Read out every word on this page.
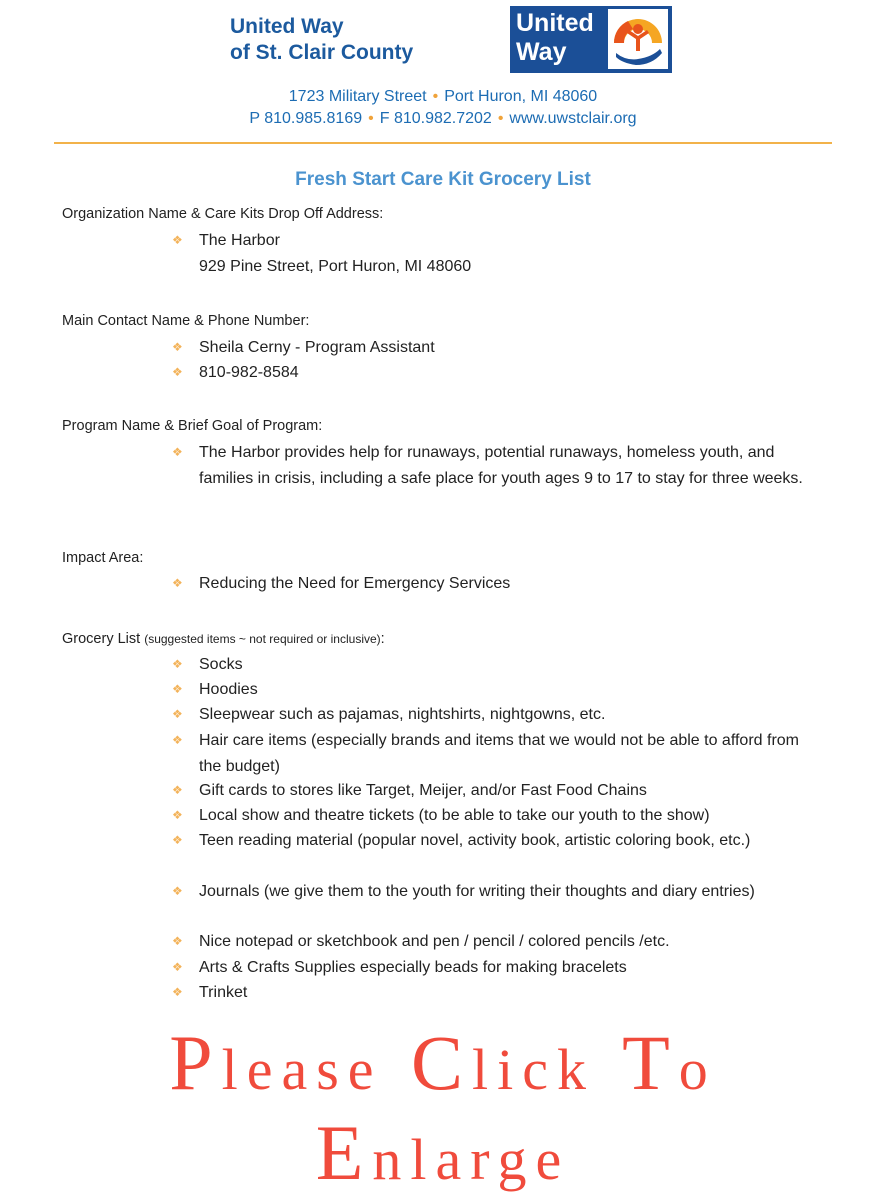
United Way
of St. Clair County
United
Way
1723 Military Street • Port Huron, MI 48060
P 810.985.8169 • F 810.982.7202 • www.uwstclair.org
Fresh Start Care Kit Grocery List
Organization Name & Care Kits Drop Off Address:
❖ The Harbor
929 Pine Street, Port Huron, MI 48060
Main Contact Name & Phone Number:
❖ Sheila Cerny - Program Assistant
❖ 810-982-8584
Program Name & Brief Goal of Program:
❖ The Harbor provides help for runaways, potential runaways, homeless youth, and families in crisis, including a safe place for youth ages 9 to 17 to stay for three weeks.
Impact Area:
❖ Reducing the Need for Emergency Services
Grocery List (suggested items ~ not required or inclusive):
❖ Socks
❖ Hoodies
❖ Sleepwear such as pajamas, nightshirts, nightgowns, etc.
❖ Hair care items (especially brands and items that we would not be able to afford from the budget)
❖ Gift cards to stores like Target, Meijer, and/or Fast Food Chains
❖ Local show and theatre tickets (to be able to take our youth to the show)
❖ Teen reading material (popular novel, activity book, artistic coloring book, etc.)
❖ Journals (we give them to the youth for writing their thoughts and diary entries)
❖ Nice notepad or sketchbook and pen / pencil / colored pencils /etc.
❖ Arts & Crafts Supplies especially beads for making bracelets
❖ Trinket
Please Click To
Enlarge
